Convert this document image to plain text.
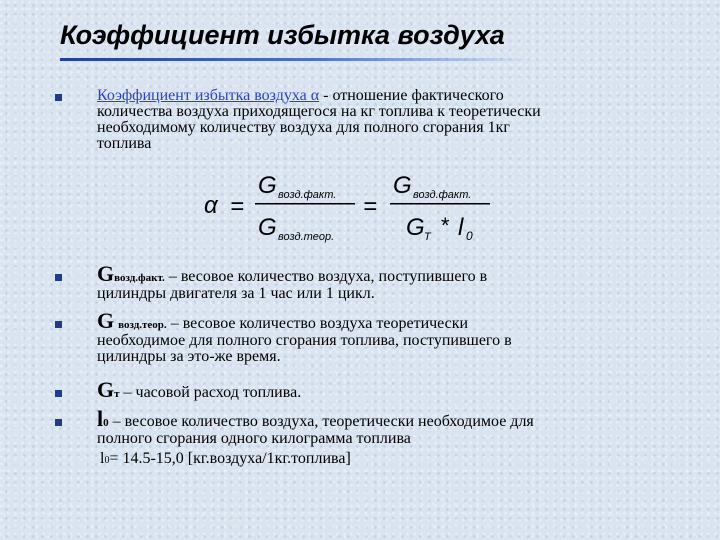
Коэффициент избытка воздуха
Коэффициент избытка воздуха α - отношение фактического
количества воздуха приходящегося на кг топлива к теоретически
необходимому количеству воздуха для полного сгорания 1кг
топлива
α =
G возд.факт.
G возд.теор.
=
G возд.факт.
G T * l 0
Gвозд.факт. – весовое количество воздуха, поступившего в
цилиндры двигателя за 1 час или 1 цикл.
G возд.теор. – весовое количество воздуха теоретически
необходимое для полного сгорания топлива, поступившего в
цилиндры за это-же время.
Gт – часовой расход топлива.
l0 – весовое количество воздуха, теоретически необходимое для
полного сгорания одного килограмма топлива
l0= 14.5-15,0 [кг.воздуха/1кг.топлива]
